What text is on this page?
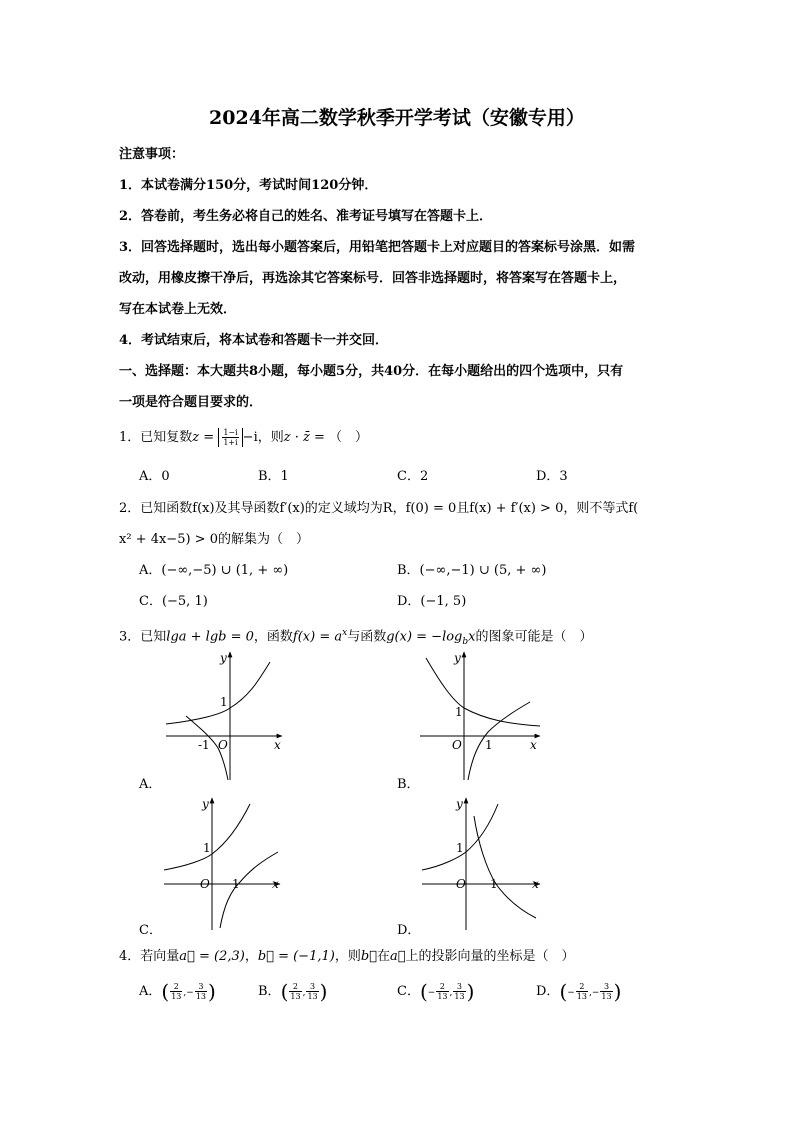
2024年高二数学秋季开学考试（安徽专用）
注意事项：
1．本试卷满分150分，考试时间120分钟．
2．答卷前，考生务必将自己的姓名、准考证号填写在答题卡上．
3．回答选择题时，选出每小题答案后，用铅笔把答题卡上对应题目的答案标号涂黑．如需
改动，用橡皮擦干净后，再选涂其它答案标号．回答非选择题时，将答案写在答题卡上，
写在本试卷上无效．
4．考试结束后，将本试卷和答题卡一并交回．
一、选择题：本大题共8小题，每小题5分，共40分．在每小题给出的四个选项中，只有
一项是符合题目要求的．
1．已知复数$z = \frac{1-i}{1+i} -i$，则z · z̄ = （　）
A．0	B．1	C．2	D．3
2．已知函数f(x)及其导函数f′(x)的定义域均为R，f(0) = 0且f(x) + f′(x) > 0，则不等式f(
x² + 4x−5) > 0的解集为（　）
A．(−∞,−5) ∪ (1, + ∞)	B．(−∞,−1) ∪ (5, + ∞)
C．(−5, 1)	D．(−1, 5)
3．已知lga + lgb = 0，函数$f(x) = a^x$与函数$g(x) = -\log_bx$的图象可能是（　）
y
x
O
1
-1
A．
y
x
O
1
1
B．
y
x
O
1
1
C．
y
x
O
1
1
D．
4．若向量a⃗ = (2,3)，b⃗ = (−1,1)，则b⃗在a⃗上的投影向量的坐标是（　）
A．( $\frac{2}{13}$ ,− $\frac{3}{13}$ )	B．( $\frac{2}{13}$ , $\frac{3}{13}$ )	C．(− $\frac{2}{13}$ , $\frac{3}{13}$ )	D．(− $\frac{2}{13}$ ,− $\frac{3}{13}$ )
